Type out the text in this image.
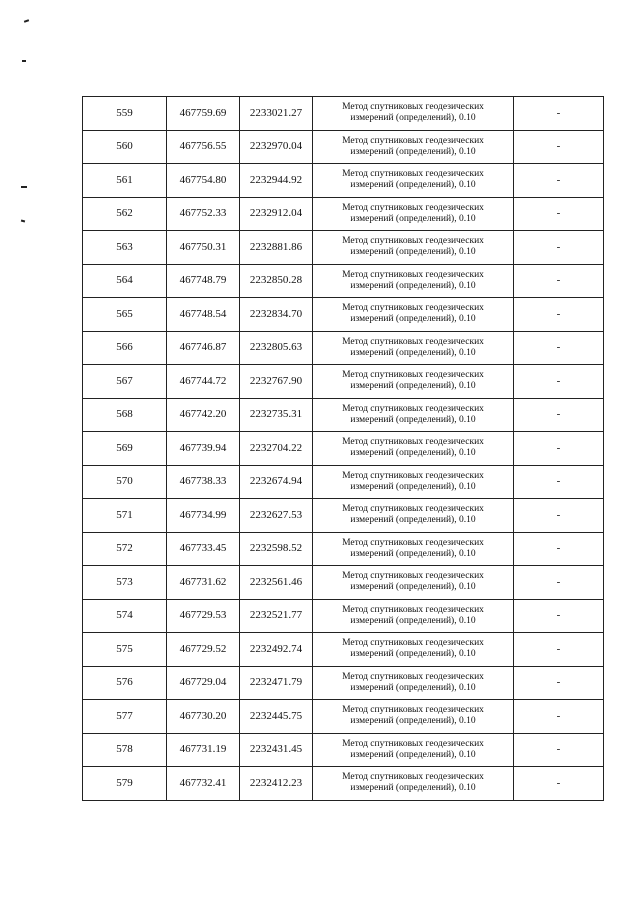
559	467759.69	2233021.27	Метод спутниковых геодезических
измерений (определений), 0.10	-
560	467756.55	2232970.04	Метод спутниковых геодезических
измерений (определений), 0.10	-
561	467754.80	2232944.92	Метод спутниковых геодезических
измерений (определений), 0.10	-
562	467752.33	2232912.04	Метод спутниковых геодезических
измерений (определений), 0.10	-
563	467750.31	2232881.86	Метод спутниковых геодезических
измерений (определений), 0.10	-
564	467748.79	2232850.28	Метод спутниковых геодезических
измерений (определений), 0.10	-
565	467748.54	2232834.70	Метод спутниковых геодезических
измерений (определений), 0.10	-
566	467746.87	2232805.63	Метод спутниковых геодезических
измерений (определений), 0.10	-
567	467744.72	2232767.90	Метод спутниковых геодезических
измерений (определений), 0.10	-
568	467742.20	2232735.31	Метод спутниковых геодезических
измерений (определений), 0.10	-
569	467739.94	2232704.22	Метод спутниковых геодезических
измерений (определений), 0.10	-
570	467738.33	2232674.94	Метод спутниковых геодезических
измерений (определений), 0.10	-
571	467734.99	2232627.53	Метод спутниковых геодезических
измерений (определений), 0.10	-
572	467733.45	2232598.52	Метод спутниковых геодезических
измерений (определений), 0.10	-
573	467731.62	2232561.46	Метод спутниковых геодезических
измерений (определений), 0.10	-
574	467729.53	2232521.77	Метод спутниковых геодезических
измерений (определений), 0.10	-
575	467729.52	2232492.74	Метод спутниковых геодезических
измерений (определений), 0.10	-
576	467729.04	2232471.79	Метод спутниковых геодезических
измерений (определений), 0.10	-
577	467730.20	2232445.75	Метод спутниковых геодезических
измерений (определений), 0.10	-
578	467731.19	2232431.45	Метод спутниковых геодезических
измерений (определений), 0.10	-
579	467732.41	2232412.23	Метод спутниковых геодезических
измерений (определений), 0.10	-
